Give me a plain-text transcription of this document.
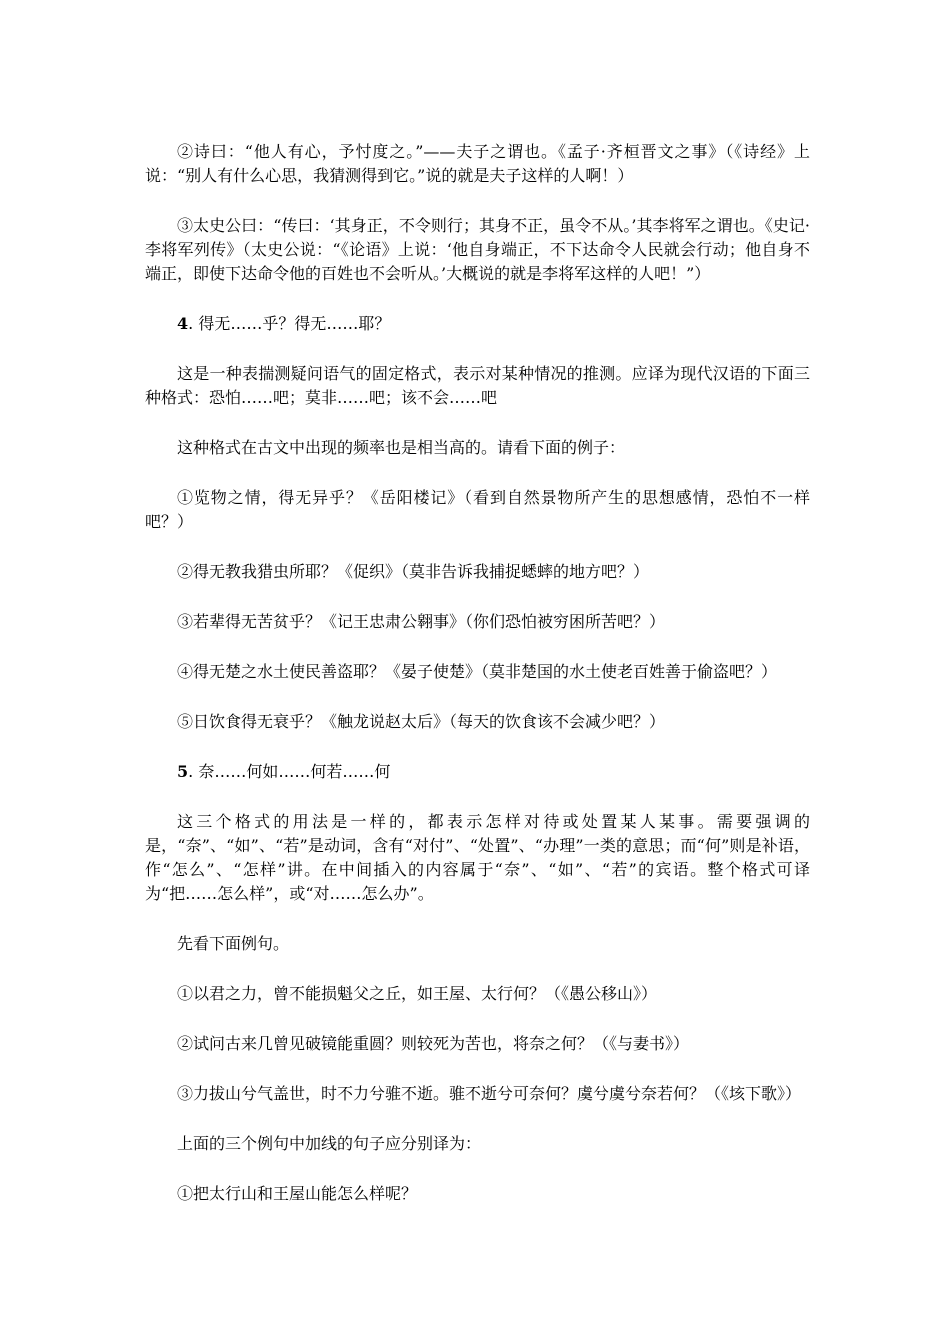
②诗曰：“他人有心，予忖度之。”——夫子之谓也。《孟子·齐桓晋文之事》（《诗经》上说：“别人有什么心思，我猜测得到它。”说的就是夫子这样的人啊！）

③太史公曰：“传曰：‘其身正，不令则行；其身不正，虽令不从。’其李将军之谓也。《史记·李将军列传》（太史公说：“《论语》上说：‘他自身端正，不下达命令人民就会行动；他自身不端正，即使下达命令他的百姓也不会听从。’大概说的就是李将军这样的人吧！”）

4. 得无……乎？得无……耶？

这是一种表揣测疑问语气的固定格式，表示对某种情况的推测。应译为现代汉语的下面三种格式：恐怕……吧；莫非……吧；该不会……吧

这种格式在古文中出现的频率也是相当高的。请看下面的例子：

①览物之情，得无异乎？《岳阳楼记》（看到自然景物所产生的思想感情，恐怕不一样吧？）

②得无教我猎虫所耶？《促织》（莫非告诉我捕捉蟋蟀的地方吧？）

③若辈得无苦贫乎？《记王忠肃公翱事》（你们恐怕被穷困所苦吧？）

④得无楚之水土使民善盗耶？《晏子使楚》（莫非楚国的水土使老百姓善于偷盗吧？）

⑤日饮食得无衰乎？《触龙说赵太后》（每天的饮食该不会减少吧？）

5. 奈……何如……何若……何

这三个格式的用法是一样的，都表示怎样对待或处置某人某事。需要强调的是，“奈”、“如”、“若”是动词，含有“对付”、“处置”、“办理”一类的意思；而“何”则是补语，作“怎么”、“怎样”讲。在中间插入的内容属于“奈”、“如”、“若”的宾语。整个格式可译为“把……怎么样”，或“对……怎么办”。

先看下面例句。

①以君之力，曾不能损魁父之丘，如王屋、太行何？（《愚公移山》）

②试问古来几曾见破镜能重圆？则较死为苦也，将奈之何？（《与妻书》）

③力拔山兮气盖世，时不力兮骓不逝。骓不逝兮可奈何？虞兮虞兮奈若何？（《垓下歌》）

上面的三个例句中加线的句子应分别译为：

①把太行山和王屋山能怎么样呢？
